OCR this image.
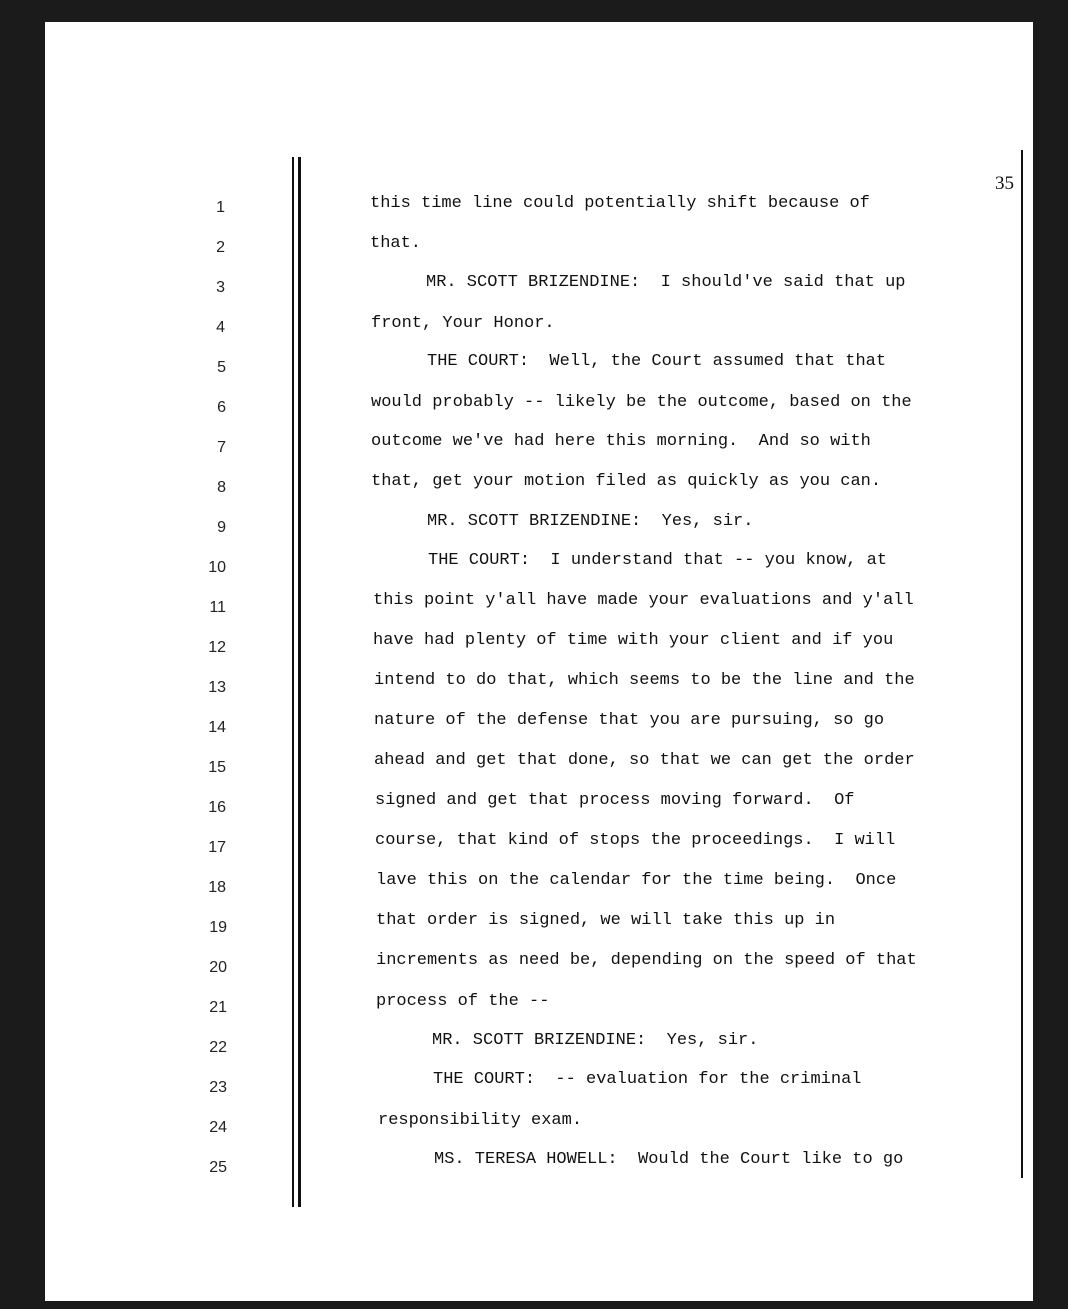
35
1
2
3
4
5
6
7
8
9
10
11
12
13
14
15
16
17
18
19
20
21
22
23
24
25
this time line could potentially shift because of
that.
MR. SCOTT BRIZENDINE:  I should've said that up
front, Your Honor.
THE COURT:  Well, the Court assumed that that
would probably -- likely be the outcome, based on the
outcome we've had here this morning.  And so with
that, get your motion filed as quickly as you can.
MR. SCOTT BRIZENDINE:  Yes, sir.
THE COURT:  I understand that -- you know, at
this point y'all have made your evaluations and y'all
have had plenty of time with your client and if you
intend to do that, which seems to be the line and the
nature of the defense that you are pursuing, so go
ahead and get that done, so that we can get the order
signed and get that process moving forward.  Of
course, that kind of stops the proceedings.  I will
lave this on the calendar for the time being.  Once
that order is signed, we will take this up in
increments as need be, depending on the speed of that
process of the --
MR. SCOTT BRIZENDINE:  Yes, sir.
THE COURT:  -- evaluation for the criminal
responsibility exam.
MS. TERESA HOWELL:  Would the Court like to go
